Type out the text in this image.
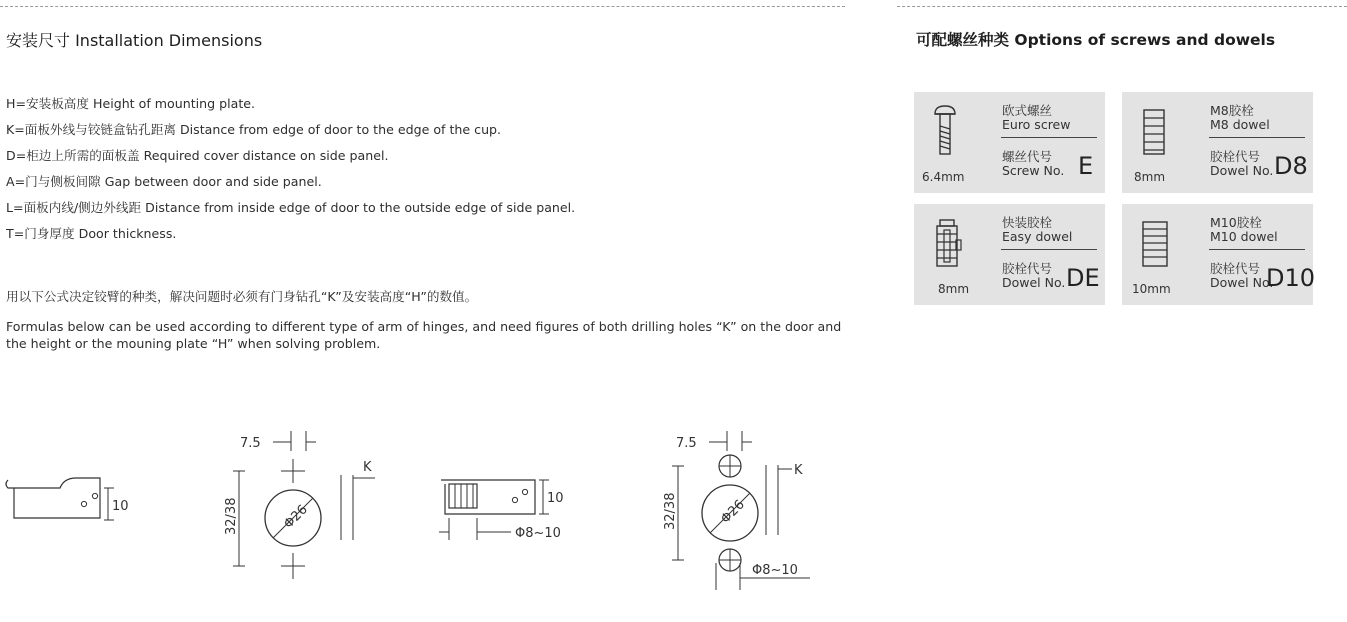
安装尺寸 Installation Dimensions	可配螺丝种类 Options of screws and dowels
H=安装板高度 Height of mounting plate.
K=面板外线与铰链盒钻孔距离 Distance from edge of door to the edge of the cup.
D=柜边上所需的面板盖 Required cover distance on side panel.
A=门与侧板间隙 Gap between door and side panel.
L=面板内线/侧边外线距 Distance from inside edge of door to the outside edge of side panel.
T=门身厚度 Door thickness.
用以下公式决定铰臂的种类，解决问题时必须有门身钻孔“K”及安装高度“H”的数值。
Formulas below can be used according to different type of arm of hinges, and need figures of both drilling holes “K” on the door and the height or the mouning plate “H” when solving problem.
6.4mm
欧式螺丝
Euro screw
螺丝代号
Screw No. E	8mm
M8胶栓
M8 dowel
胶栓代号
Dowel No. D8
8mm
快装胶栓
Easy dowel
胶栓代号
Dowel No. DE	10mm
M10胶栓
M10 dowel
胶栓代号
Dowel No.
D10
10
7.5
Φ26
32/38
K
10
Φ8~10
7.5
Φ26
32/38
K
Φ8~10
